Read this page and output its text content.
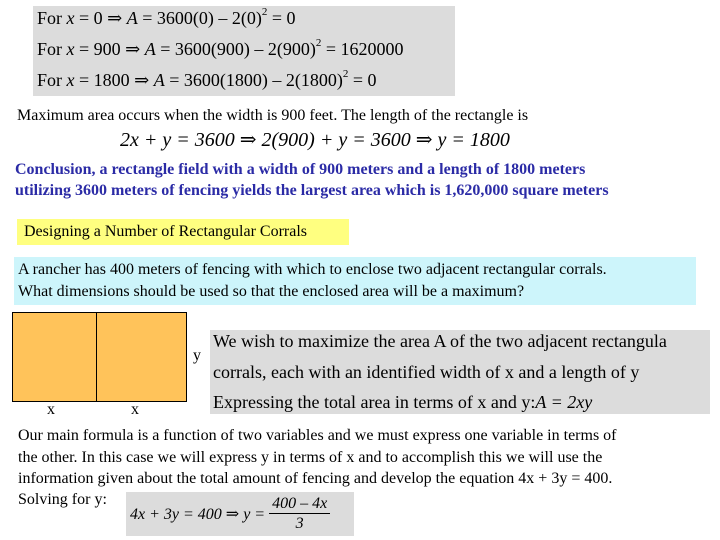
For x = 0 ⇒ $A = 3600(0) - 2(0)^2 = 0$
For x = 900 ⇒ $A = 3600(900) - 2(900)^2 = 1620000$
For x = 1800 ⇒ $A = 3600(1800) - 2(1800)^2 = 0$
Maximum area occurs when the width is 900 feet. The length of the rectangle is
2x + y = 3600 ⇒ 2(900) + y = 3600 ⇒ y = 1800
Conclusion, a rectangle field with a width of 900 meters and a length of 1800 meters
utilizing 3600 meters of fencing yields the largest area which is 1,620,000 square meters
Designing a Number of Rectangular Corrals
A rancher has 400 meters of fencing with which to enclose two adjacent rectangular corrals.
What dimensions should be used so that the enclosed area will be a maximum?
x	x
y
We wish to maximize the area A of the two adjacent rectangula
corrals, each with an identified width of x and a length of y
Expressing the total area in terms of x and y:A = 2xy
Our main formula is a function of two variables and we must express one variable in terms of
the other. In this case we will express y in terms of x and to accomplish this we will use the
information given about the total amount of fencing and develop the equation 4x + 3y = 400.
Solving for y:
4x + 3y = 400 ⇒ $y = \frac{400 - 4x}{3}$
